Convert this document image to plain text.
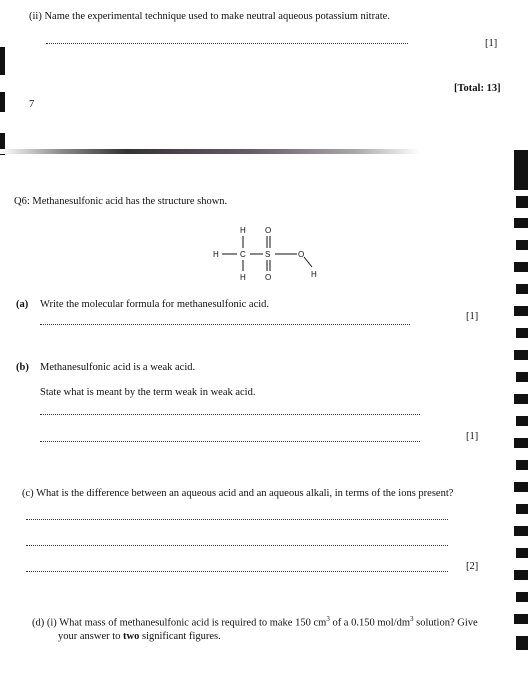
(ii) Name the experimental technique used to make neutral aqueous potassium nitrate.
[1]
[Total: 13]
7
Q6: Methanesulfonic acid has the structure shown.
H
H	C
H
S
O
O
O
H
(a) Write the molecular formula for methanesulfonic acid.
[1]
(b) Methanesulfonic acid is a weak acid.
State what is meant by the term weak in weak acid.
[1]
(c) What is the difference between an aqueous acid and an aqueous alkali, in terms of the ions present?
[2]
(d) (i) What mass of methanesulfonic acid is required to make 150 $cm^3$ of a 0.150 mol/$dm^3$ solution? Give
your answer to two significant figures.
